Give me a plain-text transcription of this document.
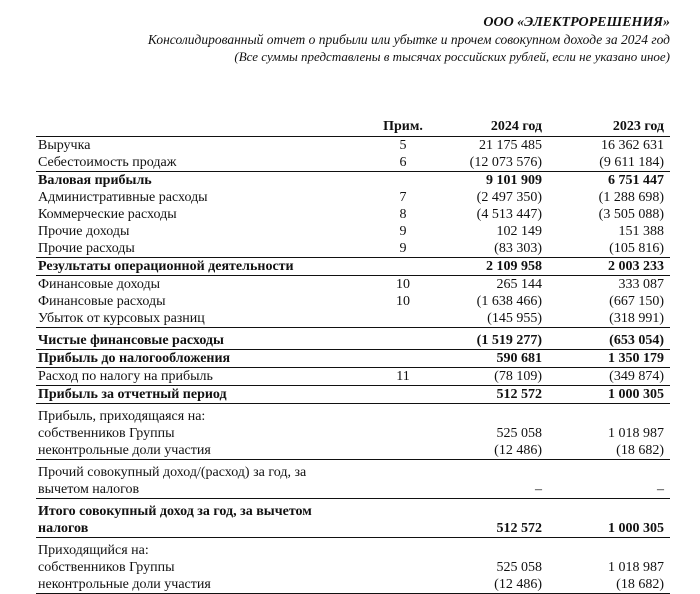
ООО «ЭЛЕКТРОРЕШЕНИЯ»
Консолидированный отчет о прибыли или убытке и прочем совокупном доходе за 2024 год
(Все суммы представлены в тысячах российских рублей, если не указано иное)
Прим.	2024 год	2023 год
Выручка	5	21 175 485	16 362 631
Себестоимость продаж	6	(12 073 576)	(9 611 184)
Валовая прибыль	9 101 909	6 751 447
Административные расходы	7	(2 497 350)	(1 288 698)
Коммерческие расходы	8	(4 513 447)	(3 505 088)
Прочие доходы	9	102 149	151 388
Прочие расходы	9	(83 303)	(105 816)
Результаты операционной деятельности	2 109 958	2 003 233
Финансовые доходы	10	265 144	333 087
Финансовые расходы	10	(1 638 466)	(667 150)
Убыток от курсовых разниц	(145 955)	(318 991)
Чистые финансовые расходы	(1 519 277)	(653 054)
Прибыль до налогообложения	590 681	1 350 179
Расход по налогу на прибыль	11	(78 109)	(349 874)
Прибыль за отчетный период	512 572	1 000 305
Прибыль, приходящаяся на:
собственников Группы	525 058	1 018 987
неконтрольные доли участия	(12 486)	(18 682)
Прочий совокупный доход/(расход) за год, за вычетом налогов	–	–
Итого совокупный доход за год, за вычетом налогов	512 572	1 000 305
Приходящийся на:
собственников Группы	525 058	1 018 987
неконтрольные доли участия	(12 486)	(18 682)
